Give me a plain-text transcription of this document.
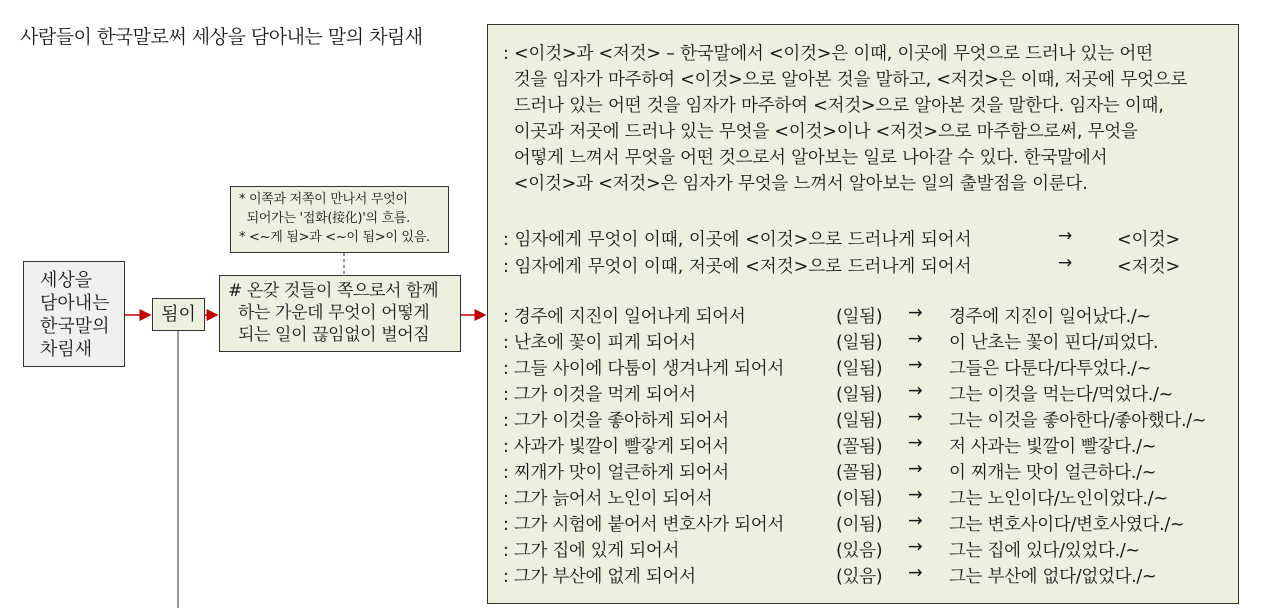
사람들이 한국말로써 세상을 담아내는 말의 차림새
세상을
담아내는
한국말의
차림새
됨이
* 이쪽과 저쪽이 만나서 무엇이
되어가는 '접화(接化)'의 흐름.
* <~게 됨>과 <~이 됨>이 있음.
# 온갖 것들이 쪽으로서 함께
하는 가운데 무엇이 어떻게
되는 일이 끊임없이 벌어짐
: <이것>과 <저것> – 한국말에서 <이것>은 이때, 이곳에 무엇으로 드러나 있는 어떤
것을 임자가 마주하여 <이것>으로 알아본 것을 말하고, <저것>은 이때, 저곳에 무엇으로
드러나 있는 어떤 것을 임자가 마주하여 <저것>으로 알아본 것을 말한다. 임자는 이때,
이곳과 저곳에 드러나 있는 무엇을 <이것>이나 <저것>으로 마주함으로써, 무엇을
어떻게 느껴서 무엇을 어떤 것으로서 알아보는 일로 나아갈 수 있다. 한국말에서
<이것>과 <저것>은 임자가 무엇을 느껴서 알아보는 일의 출발점을 이룬다.
: 임자에게 무엇이 이때, 이곳에 <이것>으로 드러나게 되어서	→	<이것>
: 임자에게 무엇이 이때, 저곳에 <저것>으로 드러나게 되어서	→	<저것>
: 경주에 지진이 일어나게 되어서	(일됨) → 경주에 지진이 일어났다./~
: 난초에 꽃이 피게 되어서	(일됨) → 이 난초는 꽃이 핀다/피었다.
: 그들 사이에 다툼이 생겨나게 되어서	(일됨) → 그들은 다툰다/다투었다./~
: 그가 이것을 먹게 되어서	(일됨) → 그는 이것을 먹는다/먹었다./~
: 그가 이것을 좋아하게 되어서	(일됨) → 그는 이것을 좋아한다/좋아했다./~
: 사과가 빛깔이 빨갛게 되어서	(꼴됨) → 저 사과는 빛깔이 빨갛다./~
: 찌개가 맛이 얼큰하게 되어서	(꼴됨) → 이 찌개는 맛이 얼큰하다./~
: 그가 늙어서 노인이 되어서	(이됨) → 그는 노인이다/노인이었다./~
: 그가 시험에 붙어서 변호사가 되어서	(이됨) → 그는 변호사이다/변호사였다./~
: 그가 집에 있게 되어서	(있음) → 그는 집에 있다/있었다./~
: 그가 부산에 없게 되어서	(있음) → 그는 부산에 없다/없었다./~
